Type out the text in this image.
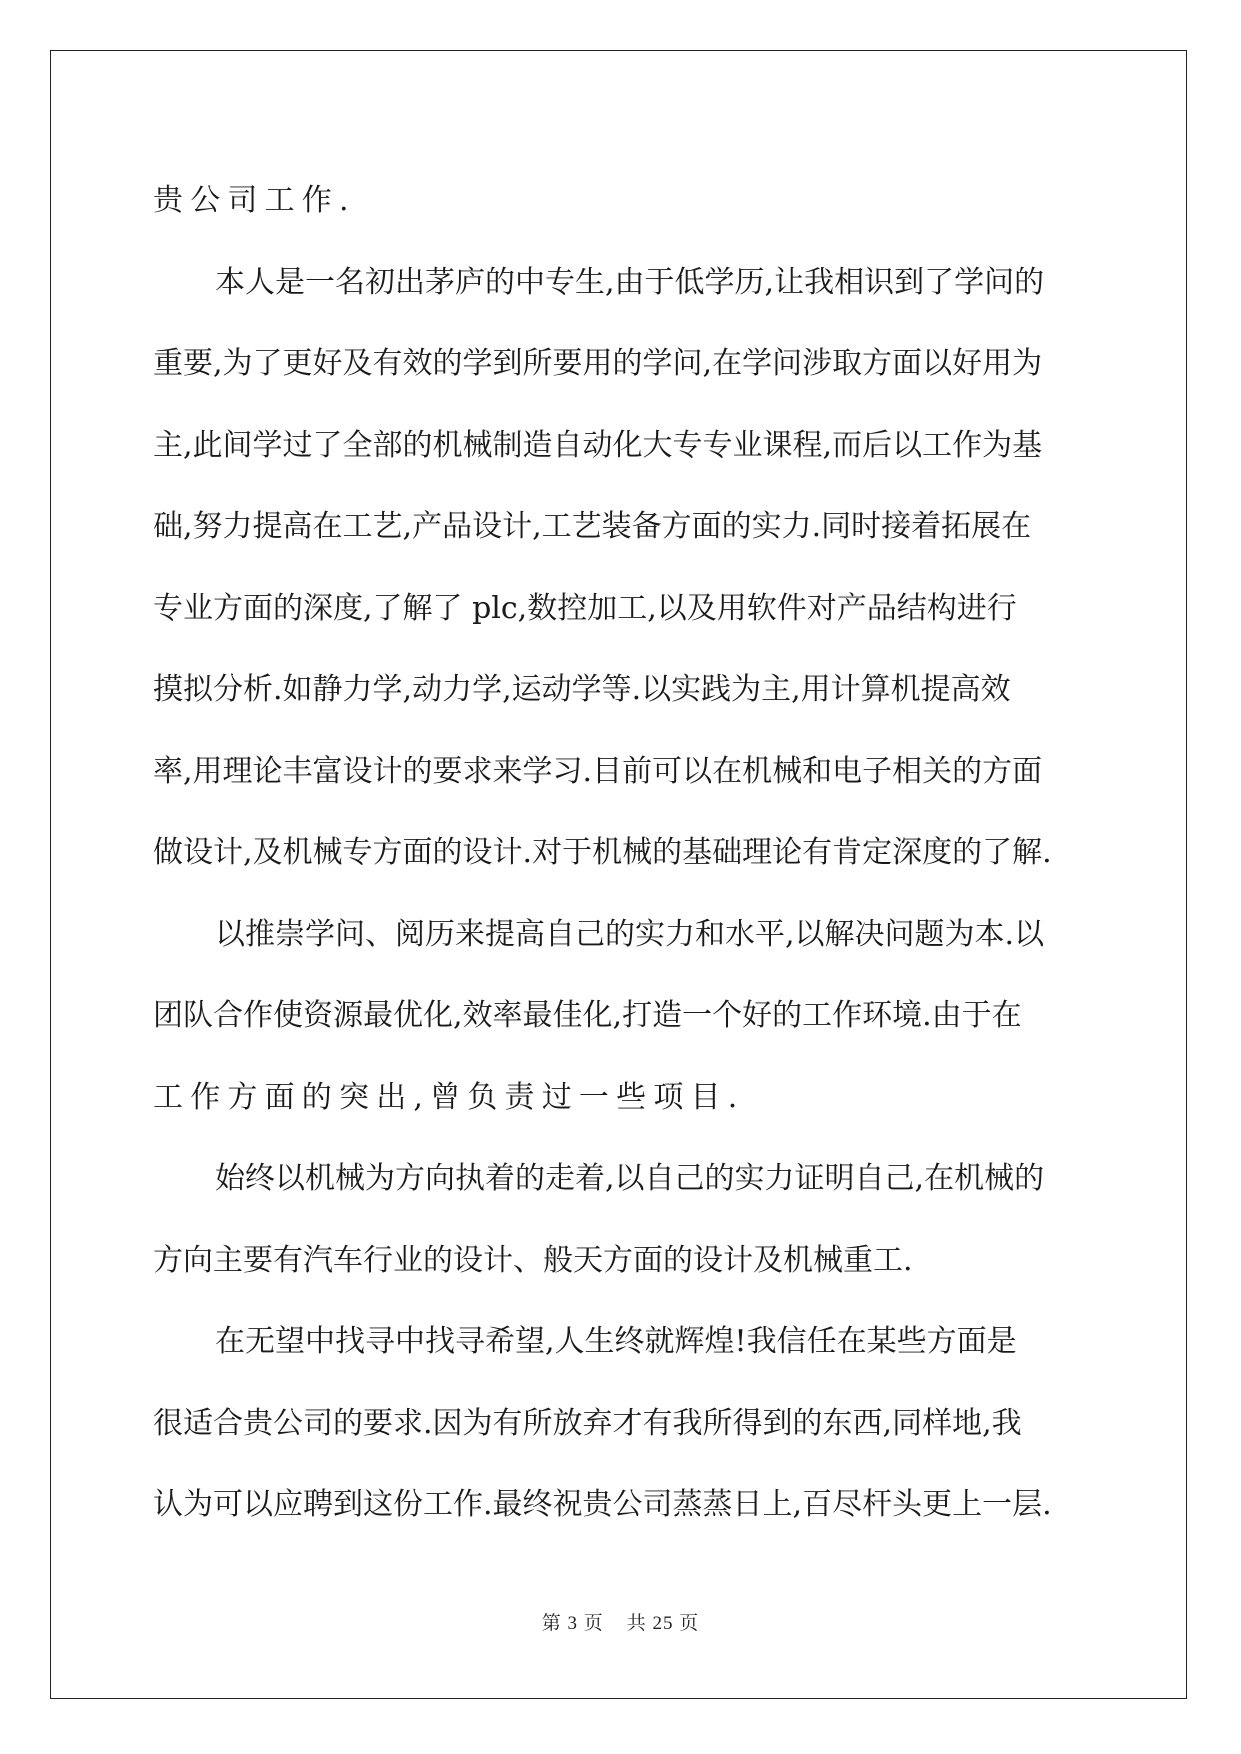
贵公司工作.
本人是一名初出茅庐的中专生,由于低学历,让我相识到了学问的
重要,为了更好及有效的学到所要用的学问,在学问涉取方面以好用为
主,此间学过了全部的机械制造自动化大专专业课程,而后以工作为基
础,努力提高在工艺,产品设计,工艺装备方面的实力.同时接着拓展在
专业方面的深度,了解了 plc,数控加工,以及用软件对产品结构进行
摸拟分析.如静力学,动力学,运动学等.以实践为主,用计算机提高效
率,用理论丰富设计的要求来学习.目前可以在机械和电子相关的方面
做设计,及机械专方面的设计.对于机械的基础理论有肯定深度的了解.
以推崇学问、阅历来提高自己的实力和水平,以解决问题为本.以
团队合作使资源最优化,效率最佳化,打造一个好的工作环境.由于在
工作方面的突出,曾负责过一些项目.
始终以机械为方向执着的走着,以自己的实力证明自己,在机械的
方向主要有汽车行业的设计、般天方面的设计及机械重工.
在无望中找寻中找寻希望,人生终就辉煌!我信任在某些方面是
很适合贵公司的要求.因为有所放弃才有我所得到的东西,同样地,我
认为可以应聘到这份工作.最终祝贵公司蒸蒸日上,百尽杆头更上一层.
第 3 页    共 25 页
